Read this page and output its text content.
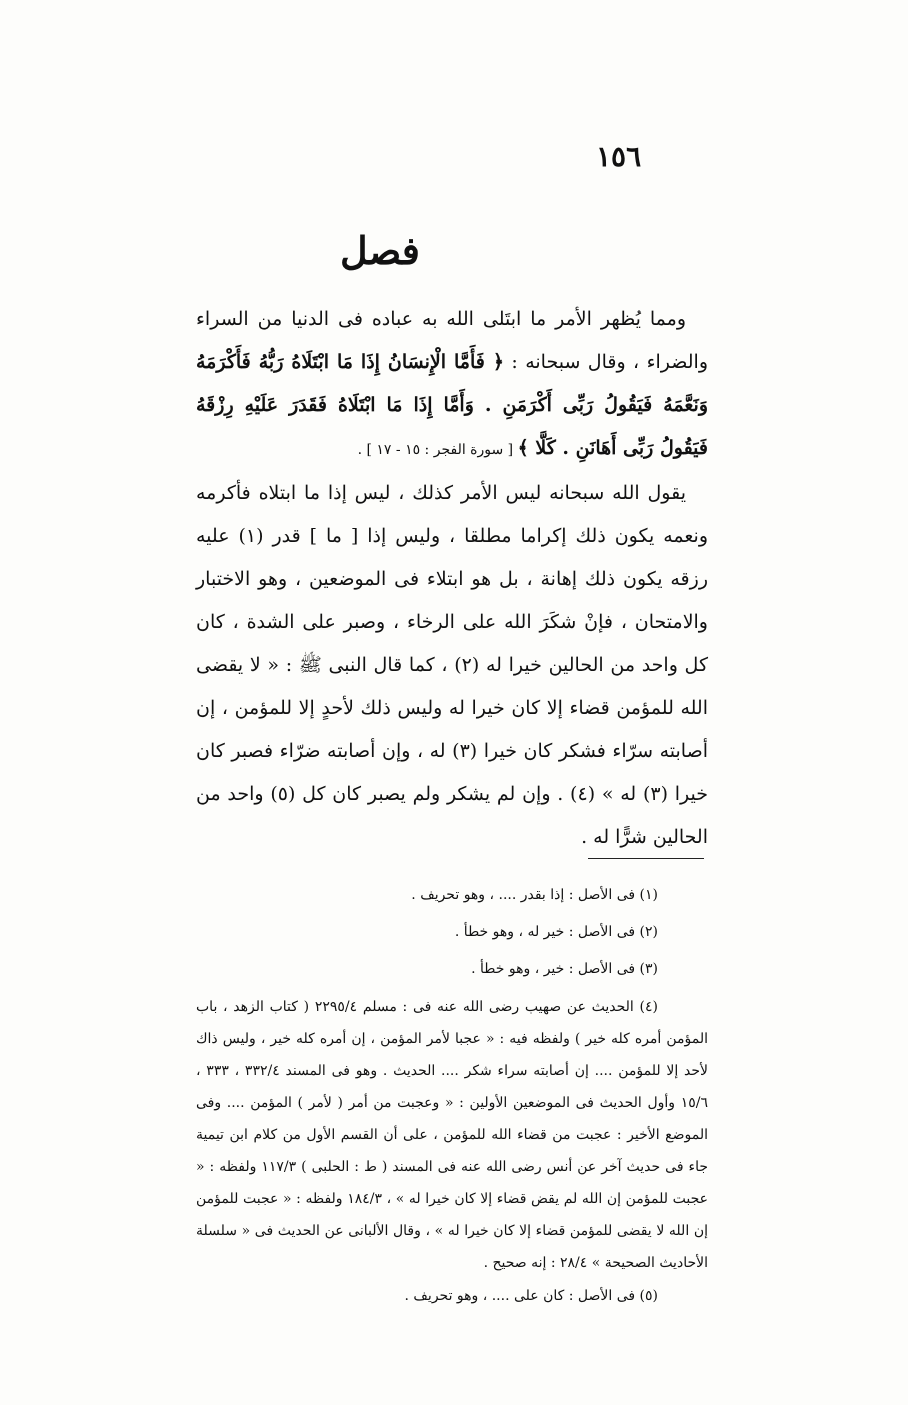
١٥٦
فصل

ومما يُظهر الأمر ما ابتَلى الله به عباده فى الدنيا من السراء والضراء ، وقال سبحانه : ﴿ فَأَمَّا الْإِنسَانُ إِذَا مَا ابْتَلَاهُ رَبُّهُ فَأَكْرَمَهُ وَنَعَّمَهُ فَيَقُولُ رَبِّى أَكْرَمَنِ . وَأَمَّا إِذَا مَا ابْتَلَاهُ فَقَدَرَ عَلَيْهِ رِزْقَهُ فَيَقُولُ رَبِّى أَهَانَنِ . كَلَّا ﴾ [ سورة الفجر : ١٥ - ١٧ ] .

يقول الله سبحانه ليس الأمر كذلك ، ليس إذا ما ابتلاه فأكرمه ونعمه يكون ذلك إكراما مطلقا ، وليس إذا [ ما ] قدر (١) عليه رزقه يكون ذلك إهانة ، بل هو ابتلاء فى الموضعين ، وهو الاختبار والامتحان ، فإنْ شكَرَ الله على الرخاء ، وصبر على الشدة ، كان كل واحد من الحالين خيرا له (٢) ، كما قال النبى ﷺ : « لا يقضى الله للمؤمن قضاء إلا كان خيرا له وليس ذلك لأحدٍ إلا للمؤمن ، إن أصابته سرّاء فشكر كان خيرا (٣) له ، وإن أصابته ضرّاء فصبر كان خيرا (٣) له » (٤) . وإن لم يشكر ولم يصبر كان كل (٥) واحد من الحالين شرًّا له .

(١) فى الأصل : إذا بقدر .... ، وهو تحريف .

(٢) فى الأصل : خير له ، وهو خطأ .

(٣) فى الأصل : خير ، وهو خطأ .

(٤) الحديث عن صهيب رضى الله عنه فى : مسلم ٢٢٩٥/٤ ( كتاب الزهد ، باب المؤمن أمره كله خير ) ولفظه فيه : « عجبا لأمر المؤمن ، إن أمره كله خير ، وليس ذاك لأحد إلا للمؤمن .... إن أصابته سراء شكر .... الحديث . وهو فى المسند ٣٣٢/٤ ، ٣٣٣ ، ١٥/٦ وأول الحديث فى الموضعين الأولين : « وعجبت من أمر ( لأمر ) المؤمن .... وفى الموضع الأخير : عجبت من قضاء الله للمؤمن ، على أن القسم الأول من كلام ابن تيمية جاء فى حديث آخر عن أنس رضى الله عنه فى المسند ( ط : الحلبى ) ١١٧/٣ ولفظه : « عجبت للمؤمن إن الله لم يقض قضاء إلا كان خيرا له » ، ١٨٤/٣ ولفظه : « عجبت للمؤمن إن الله لا يقضى للمؤمن قضاء إلا كان خيرا له » ، وقال الألبانى عن الحديث فى « سلسلة الأحاديث الصحيحة » ٢٨/٤ : إنه صحيح .

(٥) فى الأصل : كان على .... ، وهو تحريف .
